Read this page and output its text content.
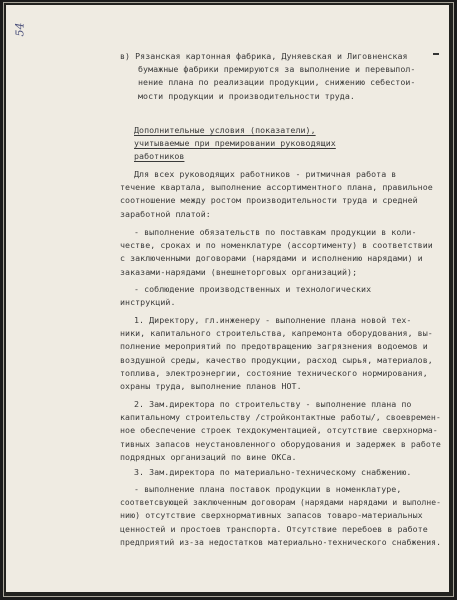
54
в) Рязанская картонная фабрика, Дуняевская и Лиговненская
бумажные фабрики премируются за выполнение и перевыпол-
нение плана по реализации продукции, снижению себестои-
мости продукции и производительности труда.
Дополнительные условия (показатели),
учитываемые при премировании руководящих
работников
Для всех руководящих работников - ритмичная работа в
течение квартала, выполнение ассортиментного плана, правильное
соотношение между ростом производительности труда и средней
заработной платой:
- выполнение обязательств по поставкам продукции в коли-
честве, сроках и по номенклатуре (ассортименту) в соответствии
с заключенными договорами (нарядами и исполнению нарядами) и
заказами-нарядами (внешнеторговых организаций);
- соблюдение производственных и технологических
инструкций.
1. Директору, гл.инженеру - выполнение плана новой тех-
ники, капитального строительства, капремонта оборудования, вы-
полнение мероприятий по предотвращению загрязнения водоемов и
воздушной среды, качество продукции, расход сырья, материалов,
топлива, электроэнергии, состояние технического нормирования,
охраны труда, выполнение планов НОТ.
2. Зам.директора по строительству - выполнение плана по
капитальному строительству /стройконтактные работы/, своевремен-
ное обеспечение строек техдокументацией, отсутствие сверхнорма-
тивных запасов неустановленного оборудования и задержек в работе
подрядных организаций по вине ОКСа.
3. Зам.директора по материально-техническому снабжению.
- выполнение плана поставок продукции в номенклатуре,
соответсвующей заключенным договорам (нарядами нарядами и выполне-
нию) отсутствие сверхнормативных запасов товаро-материальных
ценностей и простоев транспорта. Отсутствие перебоев в работе
предприятий из-за недостатков материально-технического снабжения.
